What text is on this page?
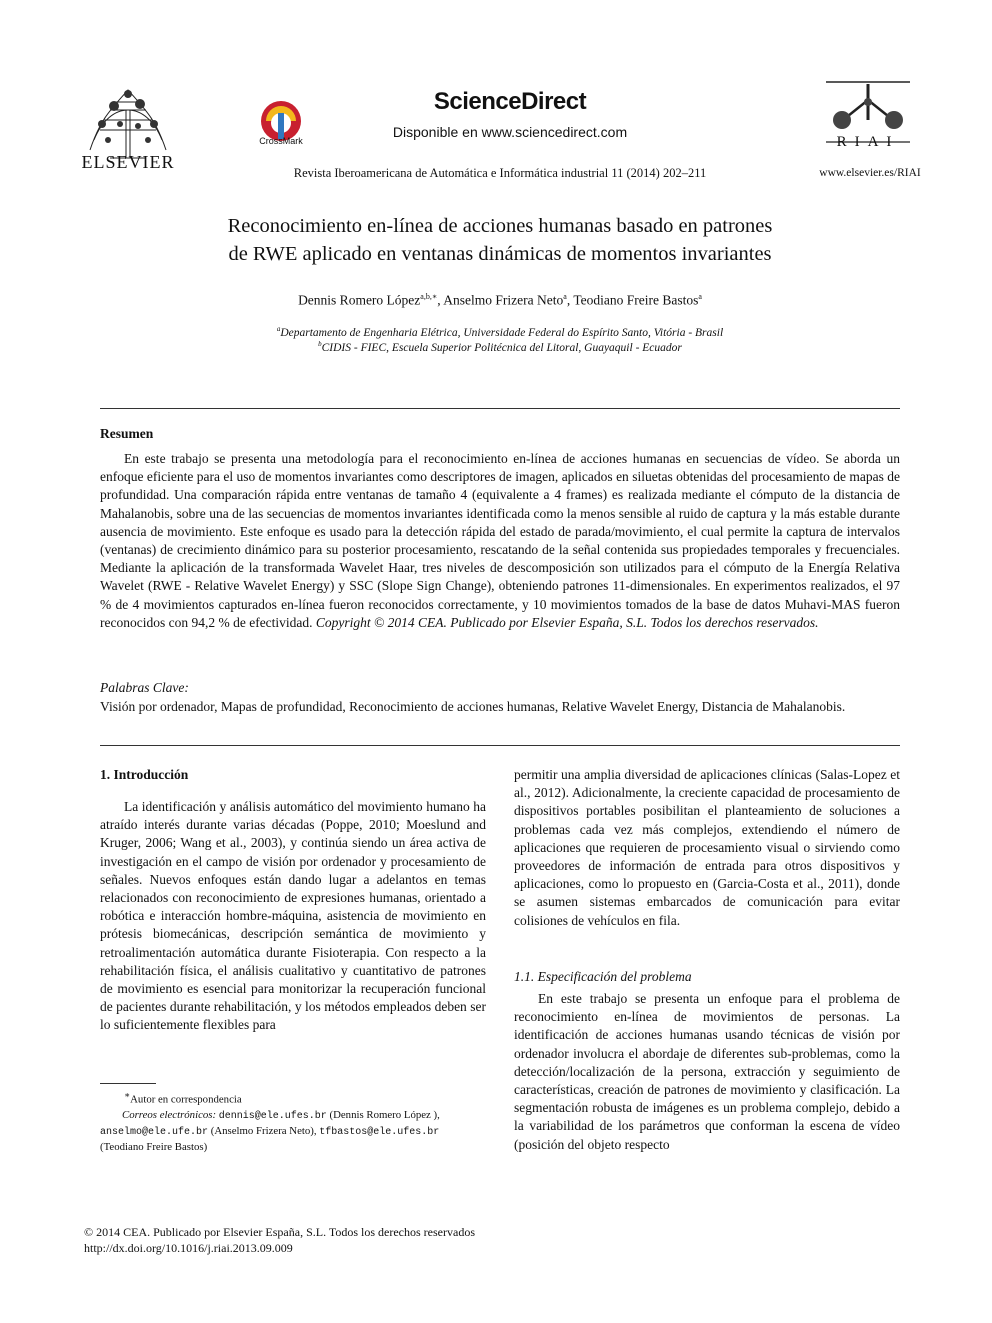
ELSEVIER
CrossMark
ScienceDirect
Disponible en www.sciencedirect.com
Revista Iberoamericana de Automática e Informática industrial 11 (2014) 202–211
RIAI
www.elsevier.es/RIAI
Reconocimiento en-línea de acciones humanas basado en patrones
de RWE aplicado en ventanas dinámicas de momentos invariantes
Dennis Romero López$^{a,b,∗}$, Anselmo Frizera Neto$^a$, Teodiano Freire Bastos$^a$
$^a$Departamento de Engenharia Elétrica, Universidade Federal do Espírito Santo, Vitória - Brasil
$^b$CIDIS - FIEC, Escuela Superior Politécnica del Litoral, Guayaquil - Ecuador
Resumen
En este trabajo se presenta una metodología para el reconocimiento en-línea de acciones humanas en secuencias de vídeo. Se aborda un enfoque eficiente para el uso de momentos invariantes como descriptores de imagen, aplicados en siluetas obtenidas del procesamiento de mapas de profundidad. Una comparación rápida entre ventanas de tamaño 4 (equivalente a 4 frames) es realizada mediante el cómputo de la distancia de Mahalanobis, sobre una de las secuencias de momentos invariantes identificada como la menos sensible al ruido de captura y la más estable durante ausencia de movimiento. Este enfoque es usado para la detección rápida del estado de parada/movimiento, el cual permite la captura de intervalos (ventanas) de crecimiento dinámico para su posterior procesamiento, rescatando de la señal contenida sus propiedades temporales y frecuenciales. Mediante la aplicación de la transformada Wavelet Haar, tres niveles de descomposición son utilizados para el cómputo de la Energía Relativa Wavelet (RWE - Relative Wavelet Energy) y SSC (Slope Sign Change), obteniendo patrones 11-dimensionales. En experimentos realizados, el 97 % de 4 movimientos capturados en-línea fueron reconocidos correctamente, y 10 movimientos tomados de la base de datos Muhavi-MAS fueron reconocidos con 94,2 % de efectividad. Copyright © 2014 CEA. Publicado por Elsevier España, S.L. Todos los derechos reservados.
Palabras Clave:
Visión por ordenador, Mapas de profundidad, Reconocimiento de acciones humanas, Relative Wavelet Energy, Distancia de Mahalanobis.
1. Introducción
La identificación y análisis automático del movimiento humano ha atraído interés durante varias décadas (Poppe, 2010; Moeslund and Kruger, 2006; Wang et al., 2003), y continúa siendo un área activa de investigación en el campo de visión por ordenador y procesamiento de señales. Nuevos enfoques están dando lugar a adelantos en temas relacionados con reconocimiento de expresiones humanas, orientado a robótica e interacción hombre-máquina, asistencia de movimiento en prótesis biomecánicas, descripción semántica de movimiento y retroalimentación automática durante Fisioterapia. Con respecto a la rehabilitación física, el análisis cualitativo y cuantitativo de patrones de movimiento es esencial para monitorizar la recuperación funcional de pacientes durante rehabilitación, y los métodos empleados deben ser lo suficientemente flexibles para
∗Autor en correspondencia
Correos electrónicos: dennis@ele.ufes.br (Dennis Romero López ),
anselmo@ele.ufe.br (Anselmo Frizera Neto), tfbastos@ele.ufes.br
(Teodiano Freire Bastos)
permitir una amplia diversidad de aplicaciones clínicas (Salas-Lopez et al., 2012). Adicionalmente, la creciente capacidad de procesamiento de dispositivos portables posibilitan el planteamiento de soluciones a problemas cada vez más complejos, extendiendo el número de aplicaciones que requieren de procesamiento visual o sirviendo como proveedores de información de entrada para otros dispositivos y aplicaciones, como lo propuesto en (Garcia-Costa et al., 2011), donde se asumen sistemas embarcados de comunicación para evitar colisiones de vehículos en fila.
1.1. Especificación del problema
En este trabajo se presenta un enfoque para el problema de reconocimiento en-línea de movimientos de personas. La identificación de acciones humanas usando técnicas de visión por ordenador involucra el abordaje de diferentes sub-problemas, como la detección/localización de la persona, extracción y seguimiento de características, creación de patrones de movimiento y clasificación. La segmentación robusta de imágenes es un problema complejo, debido a la variabilidad de los parámetros que conforman la escena de vídeo (posición del objeto respecto
© 2014 CEA. Publicado por Elsevier España, S.L. Todos los derechos reservados
http://dx.doi.org/10.1016/j.riai.2013.09.009
